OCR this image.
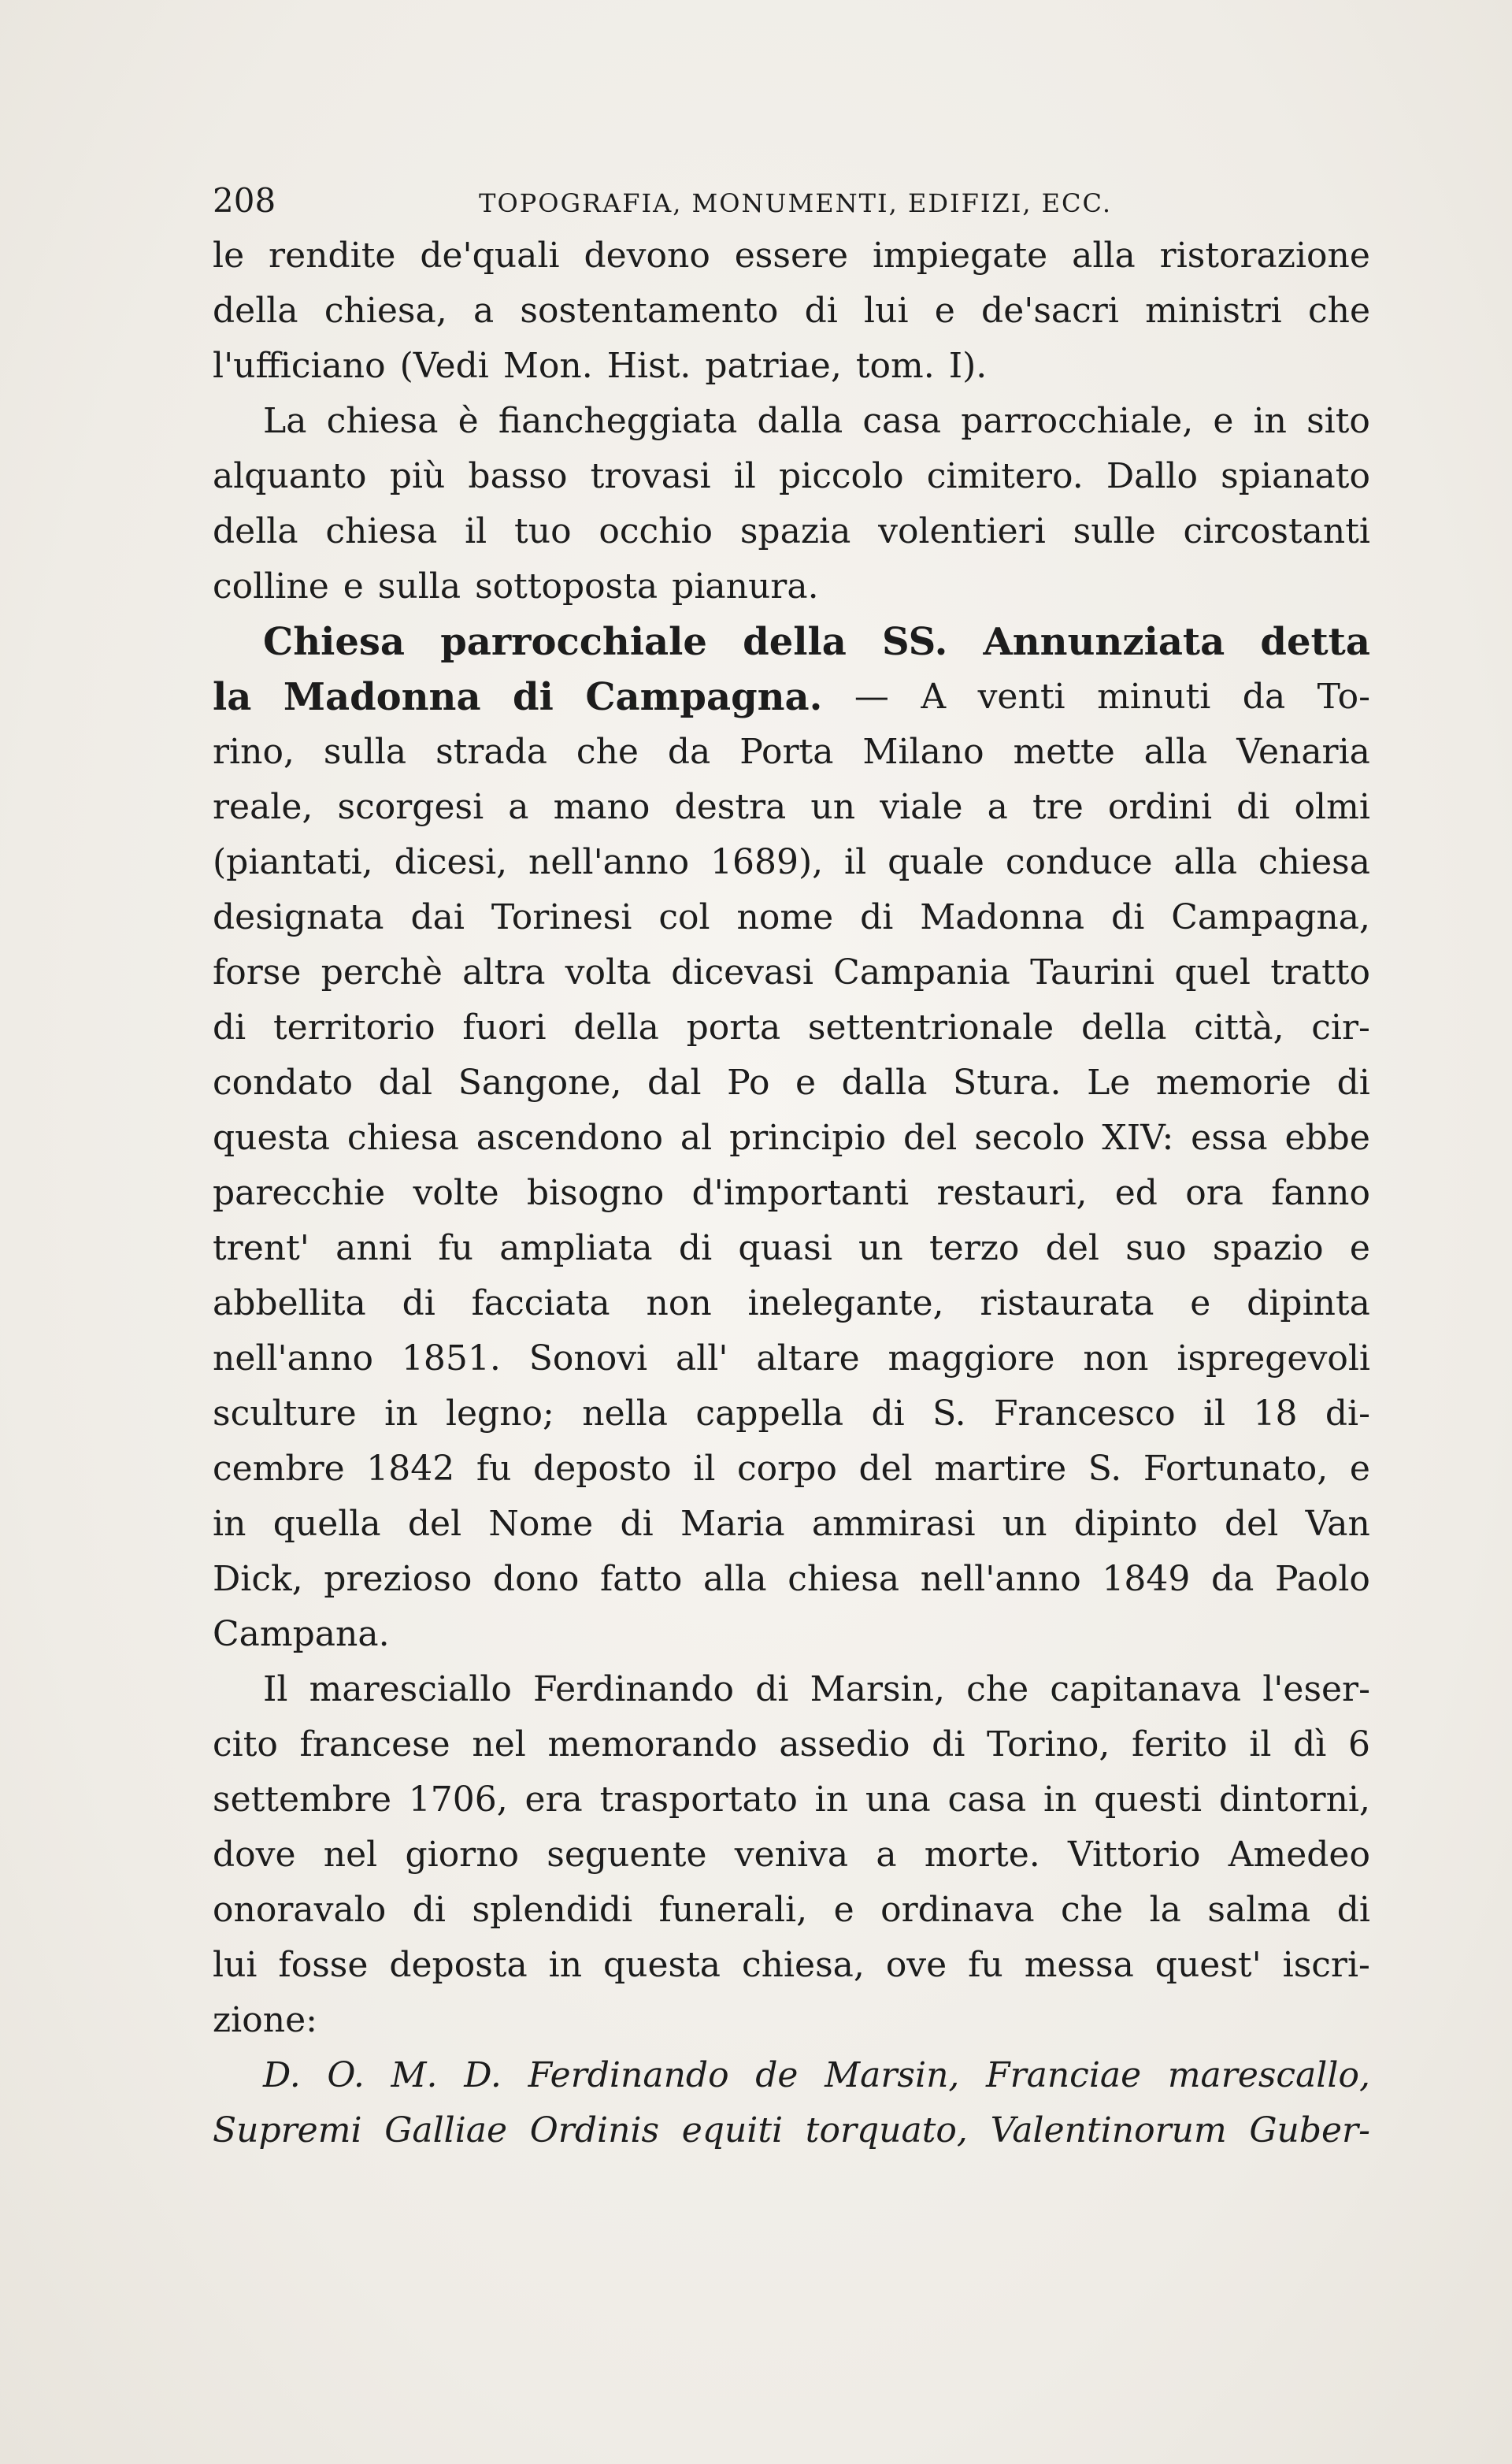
208	TOPOGRAFIA, MONUMENTI, EDIFIZI, ECC.
le rendite de'quali devono essere impiegate alla ristorazione
della chiesa, a sostentamento di lui e de'sacri ministri che
l'ufficiano (Vedi Mon. Hist. patriae, tom. I).
La chiesa è fiancheggiata dalla casa parrocchiale, e in sito
alquanto più basso trovasi il piccolo cimitero. Dallo spianato
della chiesa il tuo occhio spazia volentieri sulle circostanti
colline e sulla sottoposta pianura.
Chiesa parrocchiale della SS. Annunziata detta
la Madonna di Campagna. — A venti minuti da To-
rino, sulla strada che da Porta Milano mette alla Venaria
reale, scorgesi a mano destra un viale a tre ordini di olmi
(piantati, dicesi, nell'anno 1689), il quale conduce alla chiesa
designata dai Torinesi col nome di Madonna di Campagna,
forse perchè altra volta dicevasi Campania Taurini quel tratto
di territorio fuori della porta settentrionale della città, cir-
condato dal Sangone, dal Po e dalla Stura. Le memorie di
questa chiesa ascendono al principio del secolo XIV: essa ebbe
parecchie volte bisogno d'importanti restauri, ed ora fanno
trent' anni fu ampliata di quasi un terzo del suo spazio e
abbellita di facciata non inelegante, ristaurata e dipinta
nell'anno 1851. Sonovi all' altare maggiore non ispregevoli
sculture in legno; nella cappella di S. Francesco il 18 di-
cembre 1842 fu deposto il corpo del martire S. Fortunato, e
in quella del Nome di Maria ammirasi un dipinto del Van
Dick, prezioso dono fatto alla chiesa nell'anno 1849 da Paolo
Campana.
Il maresciallo Ferdinando di Marsin, che capitanava l'eser-
cito francese nel memorando assedio di Torino, ferito il dì 6
settembre 1706, era trasportato in una casa in questi dintorni,
dove nel giorno seguente veniva a morte. Vittorio Amedeo
onoravalo di splendidi funerali, e ordinava che la salma di
lui fosse deposta in questa chiesa, ove fu messa quest' iscri-
zione:
D. O. M. D. Ferdinando de Marsin, Franciae marescallo,
Supremi Galliae Ordinis equiti torquato, Valentinorum Guber-
